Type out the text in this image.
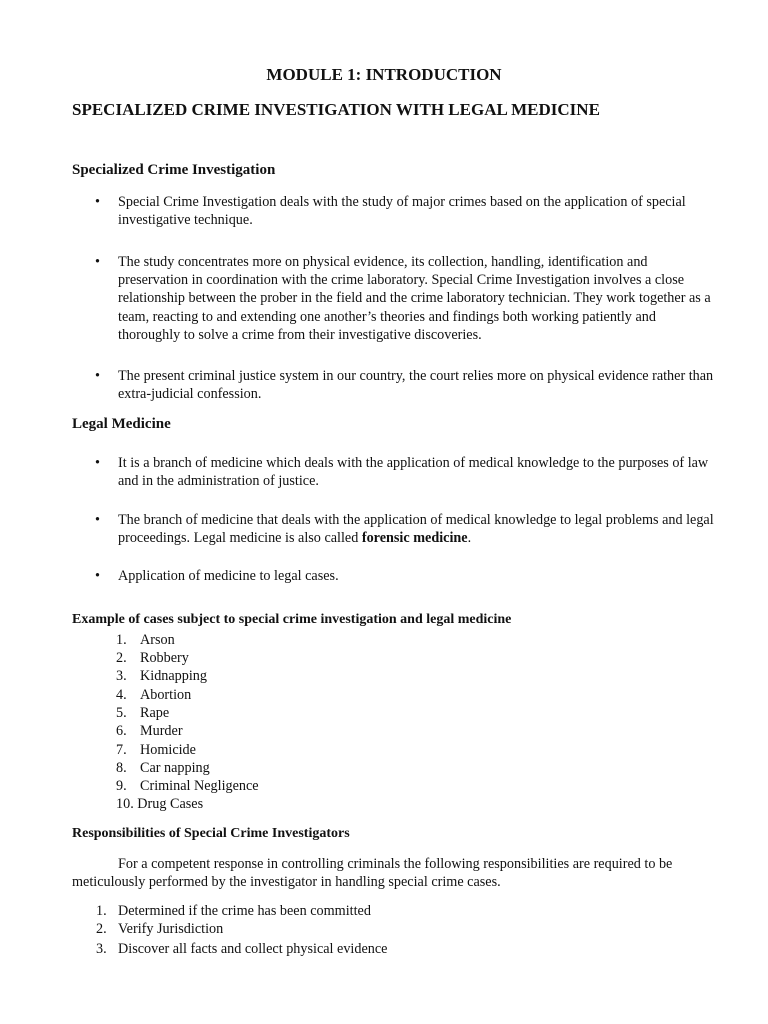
MODULE 1: INTRODUCTION
SPECIALIZED CRIME INVESTIGATION WITH LEGAL MEDICINE
Specialized Crime Investigation
•	Special Crime Investigation deals with the study of major crimes based on the application of special investigative technique.
•	The study concentrates more on physical evidence, its collection, handling, identification and preservation in coordination with the crime laboratory. Special Crime Investigation involves a close relationship between the prober in the field and the crime laboratory technician. They work together as a team, reacting to and extending one another’s theories and findings both working patiently and thoroughly to solve a crime from their investigative discoveries.
•	The present criminal justice system in our country, the court relies more on physical evidence rather than extra-judicial confession.
Legal Medicine
•	It is a branch of medicine which deals with the application of medical knowledge to the purposes of law and in the administration of justice.
•	The branch of medicine that deals with the application of medical knowledge to legal problems and legal proceedings. Legal medicine is also called forensic medicine.
•	Application of medicine to legal cases.
Example of cases subject to special crime investigation and legal medicine
1. Arson
2. Robbery
3. Kidnapping
4. Abortion
5. Rape
6. Murder
7. Homicide
8. Car napping
9. Criminal Negligence
10. Drug Cases
Responsibilities of Special Crime Investigators
For a competent response in controlling criminals the following responsibilities are required to be meticulously performed by the investigator in handling special crime cases.
1. Determined if the crime has been committed
2. Verify Jurisdiction
3. Discover all facts and collect physical evidence
